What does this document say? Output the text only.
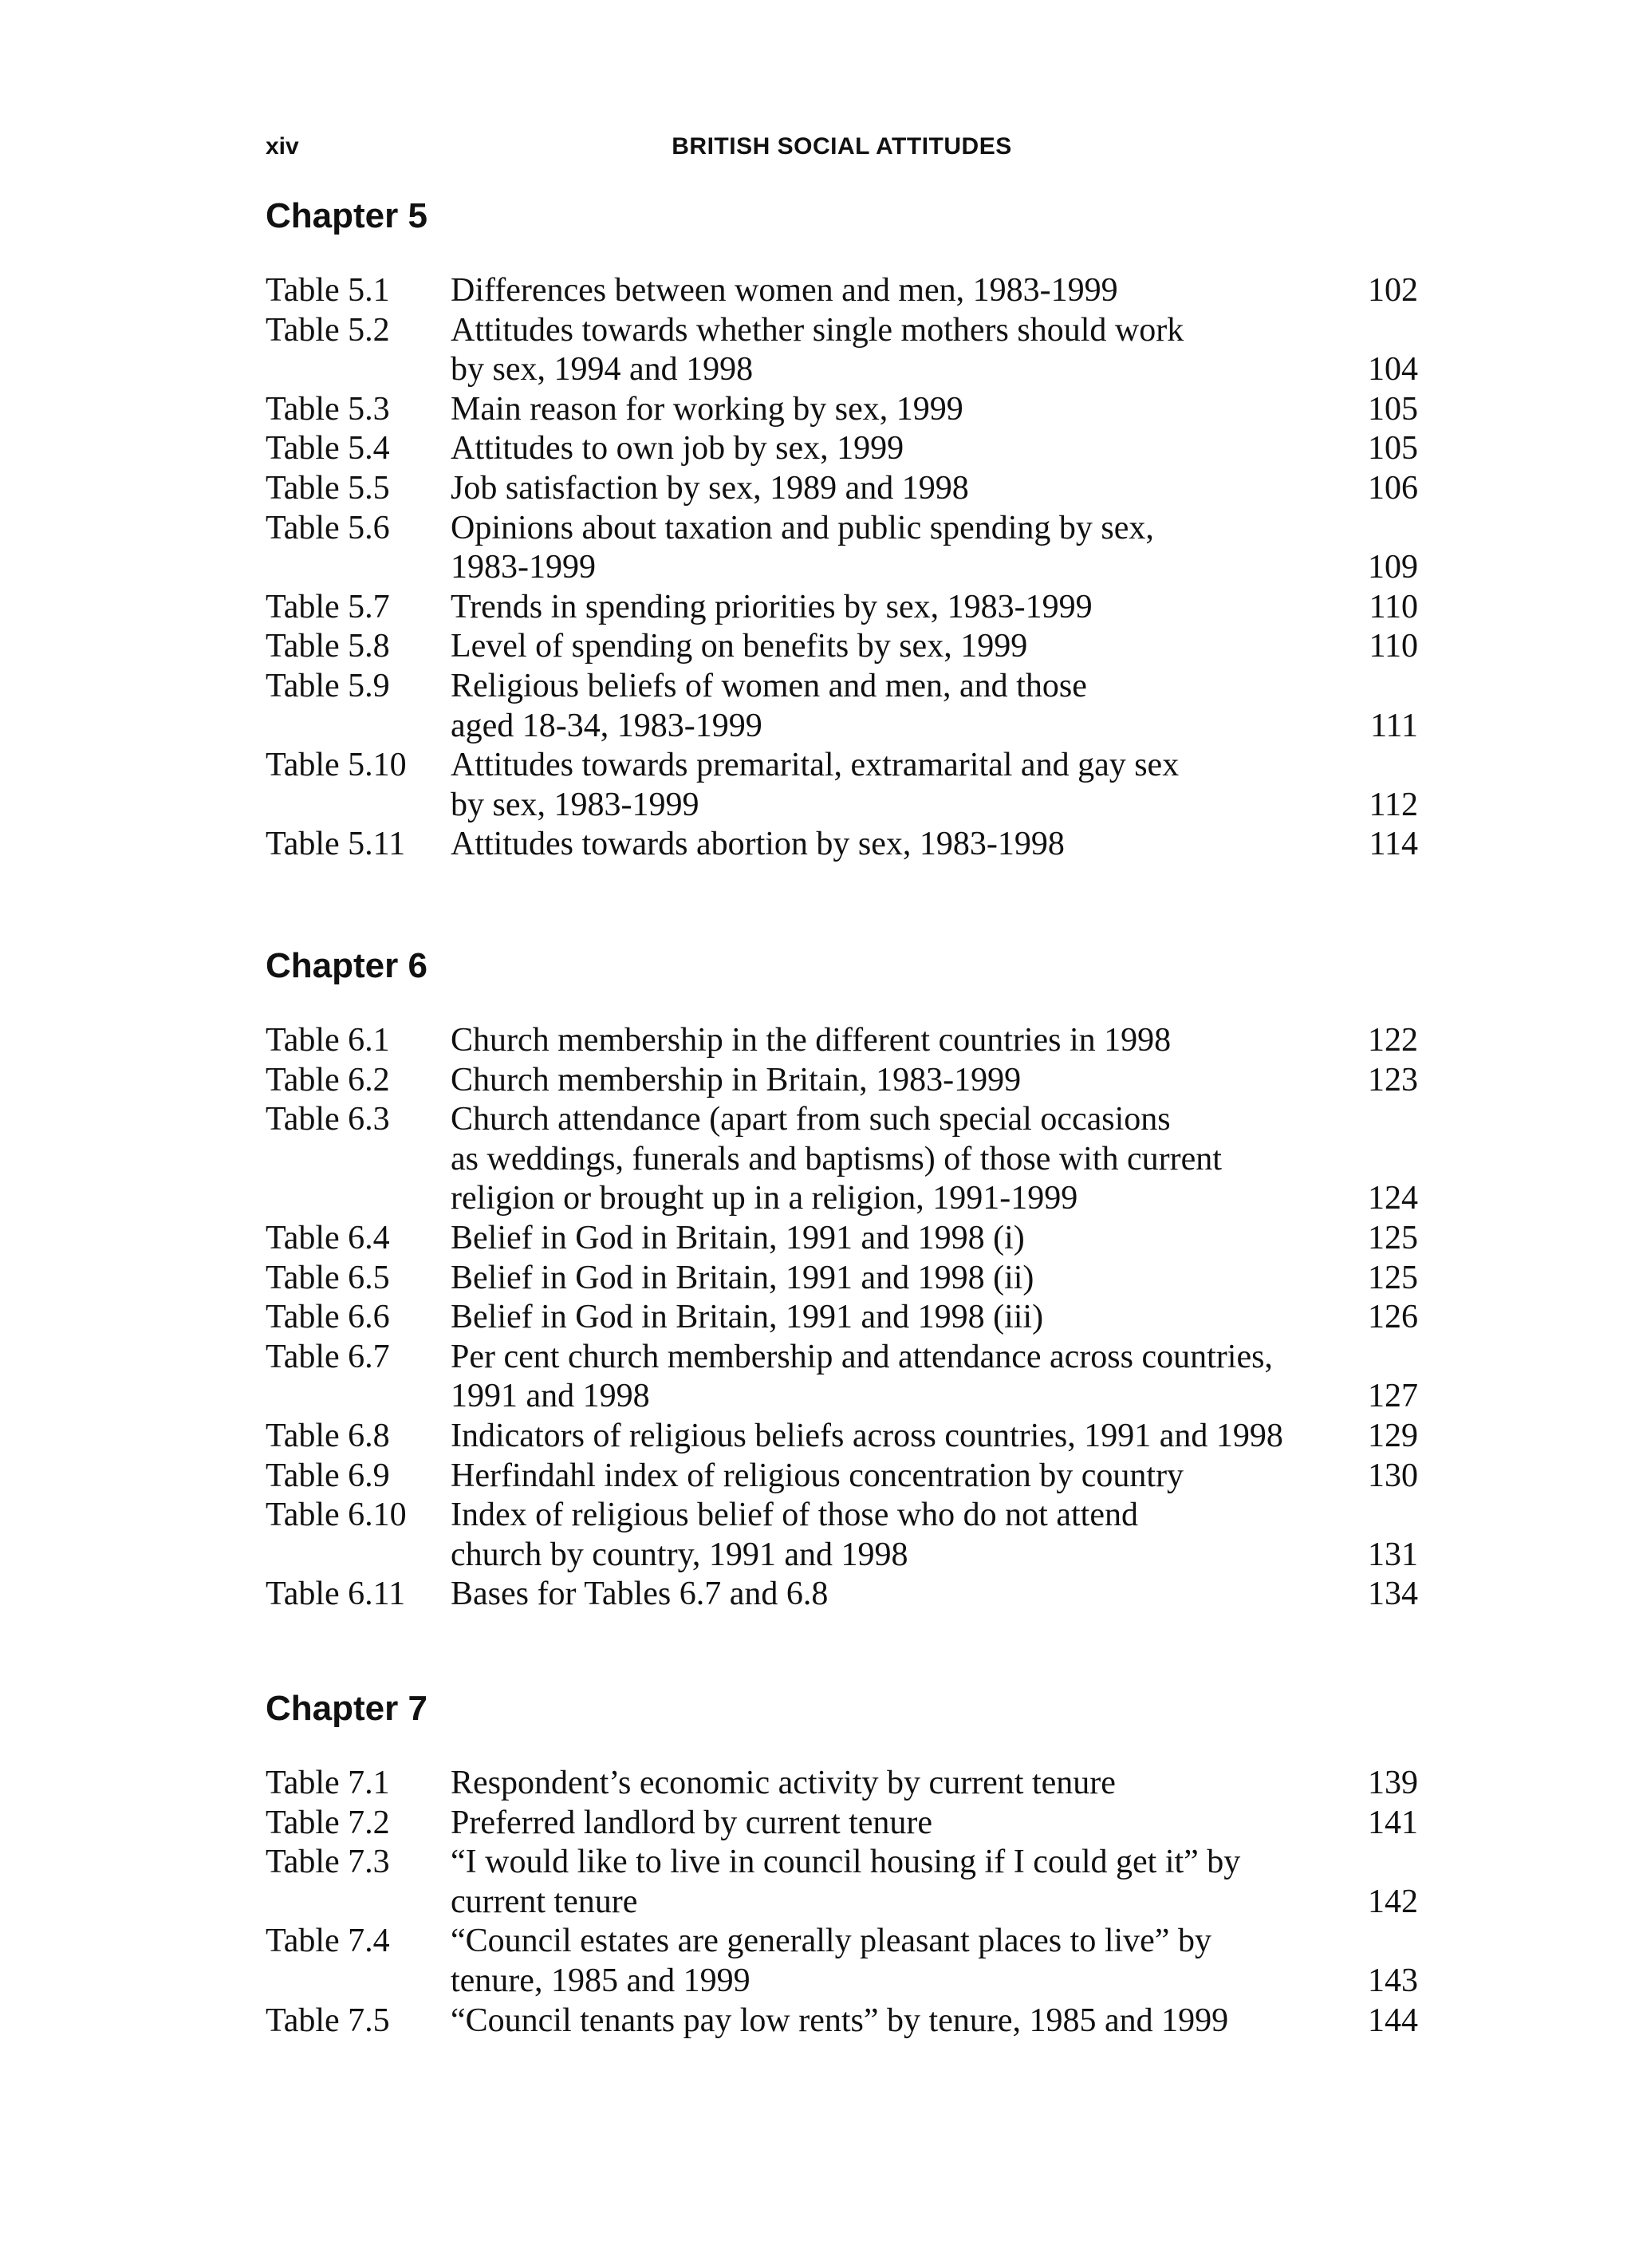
xiv	BRITISH SOCIAL ATTITUDES
Chapter 5
Table 5.1	Differences between women and men, 1983-1999	102
Table 5.2	Attitudes towards whether single mothers should work
by sex, 1994 and 1998	104
Table 5.3	Main reason for working by sex, 1999	105
Table 5.4	Attitudes to own job by sex, 1999	105
Table 5.5	Job satisfaction by sex, 1989 and 1998	106
Table 5.6	Opinions about taxation and public spending by sex,
1983-1999	109
Table 5.7	Trends in spending priorities by sex, 1983-1999	110
Table 5.8	Level of spending on benefits by sex, 1999	110
Table 5.9	Religious beliefs of women and men, and those
aged 18-34, 1983-1999	111
Table 5.10	Attitudes towards premarital, extramarital and gay sex
by sex, 1983-1999	112
Table 5.11	Attitudes towards abortion by sex, 1983-1998	114
Chapter 6
Table 6.1	Church membership in the different countries in 1998	122
Table 6.2	Church membership in Britain, 1983-1999	123
Table 6.3	Church attendance (apart from such special occasions
as weddings, funerals and baptisms) of those with current
religion or brought up in a religion, 1991-1999	124
Table 6.4	Belief in God in Britain, 1991 and 1998 (i)	125
Table 6.5	Belief in God in Britain, 1991 and 1998 (ii)	125
Table 6.6	Belief in God in Britain, 1991 and 1998 (iii)	126
Table 6.7	Per cent church membership and attendance across countries,
1991 and 1998	127
Table 6.8	Indicators of religious beliefs across countries, 1991 and 1998	129
Table 6.9	Herfindahl index of religious concentration by country	130
Table 6.10	Index of religious belief of those who do not attend
church by country, 1991 and 1998	131
Table 6.11	Bases for Tables 6.7 and 6.8	134
Chapter 7
Table 7.1	Respondent’s economic activity by current tenure	139
Table 7.2	Preferred landlord by current tenure	141
Table 7.3	“I would like to live in council housing if I could get it” by
current tenure	142
Table 7.4	“Council estates are generally pleasant places to live” by
tenure, 1985 and 1999	143
Table 7.5	“Council tenants pay low rents” by tenure, 1985 and 1999	144
